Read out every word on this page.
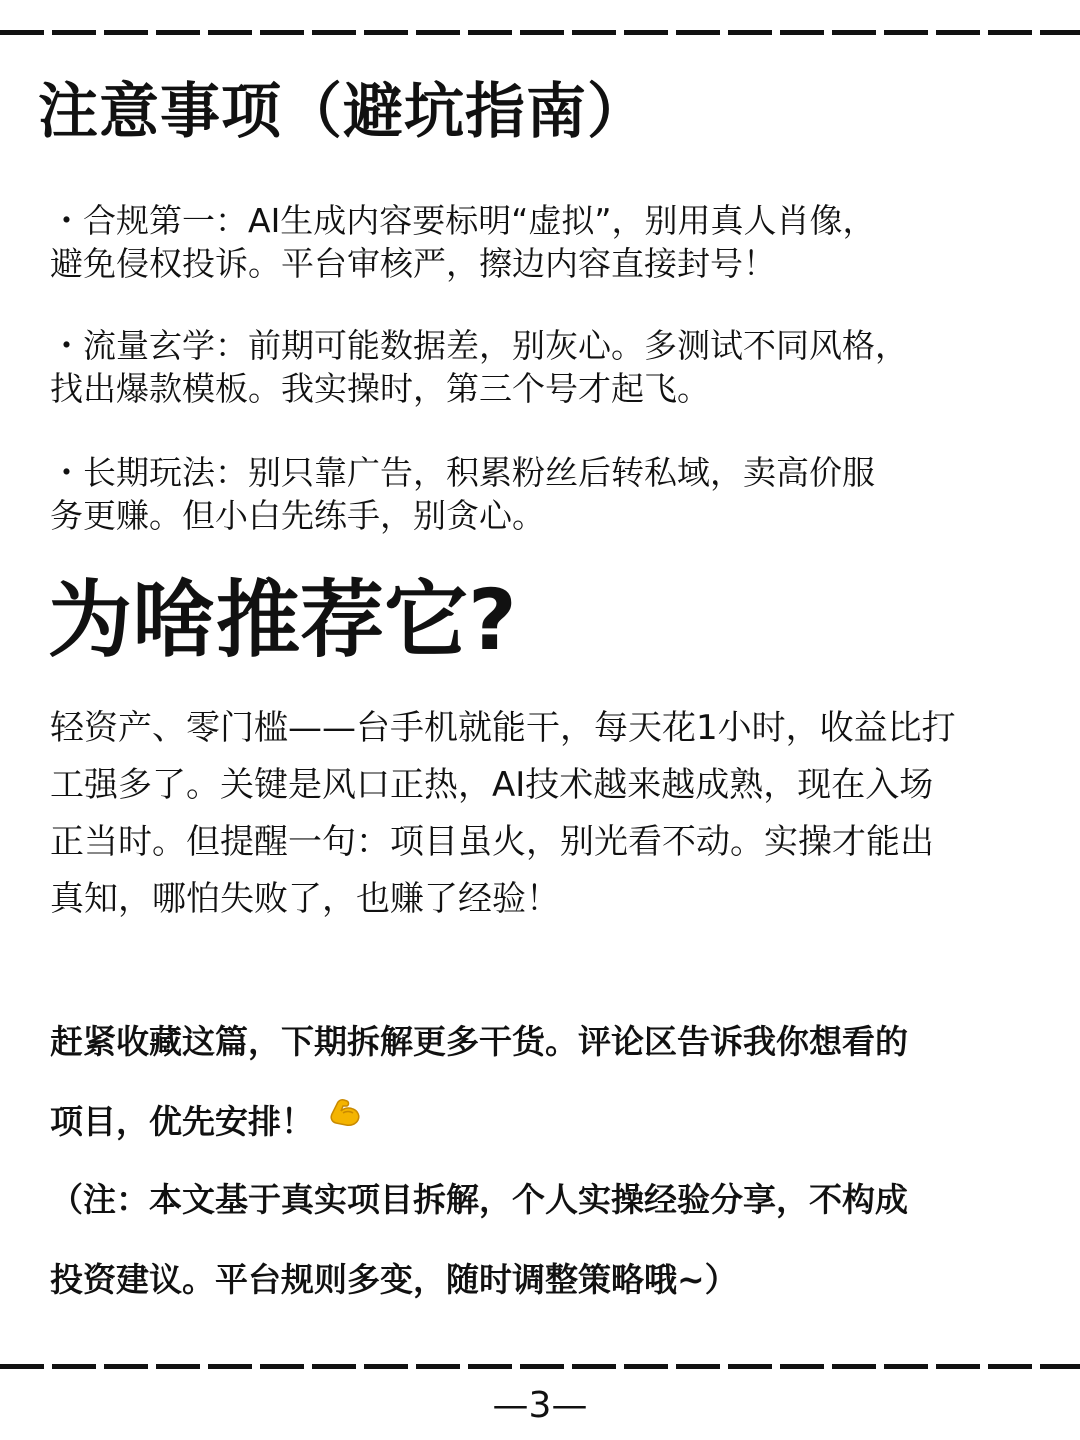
注意事项（避坑指南）
・合规第一：AI生成内容要标明“虚拟”，别用真人肖像，
避免侵权投诉。平台审核严，擦边内容直接封号！
・流量玄学：前期可能数据差，别灰心。多测试不同风格，
找出爆款模板。我实操时，第三个号才起飞。
・长期玩法：别只靠广告，积累粉丝后转私域，卖高价服
务更赚。但小白先练手，别贪心。
为啥推荐它?
轻资产、零门槛——台手机就能干，每天花1小时，收益比打
工强多了。关键是风口正热，AI技术越来越成熟，现在入场
正当时。但提醒一句：项目虽火，别光看不动。实操才能出
真知，哪怕失败了，也赚了经验！
赶紧收藏这篇，下期拆解更多干货。评论区告诉我你想看的
项目，优先安排！
（注：本文基于真实项目拆解，个人实操经验分享，不构成
投资建议。平台规则多变，随时调整策略哦~）
—3—
